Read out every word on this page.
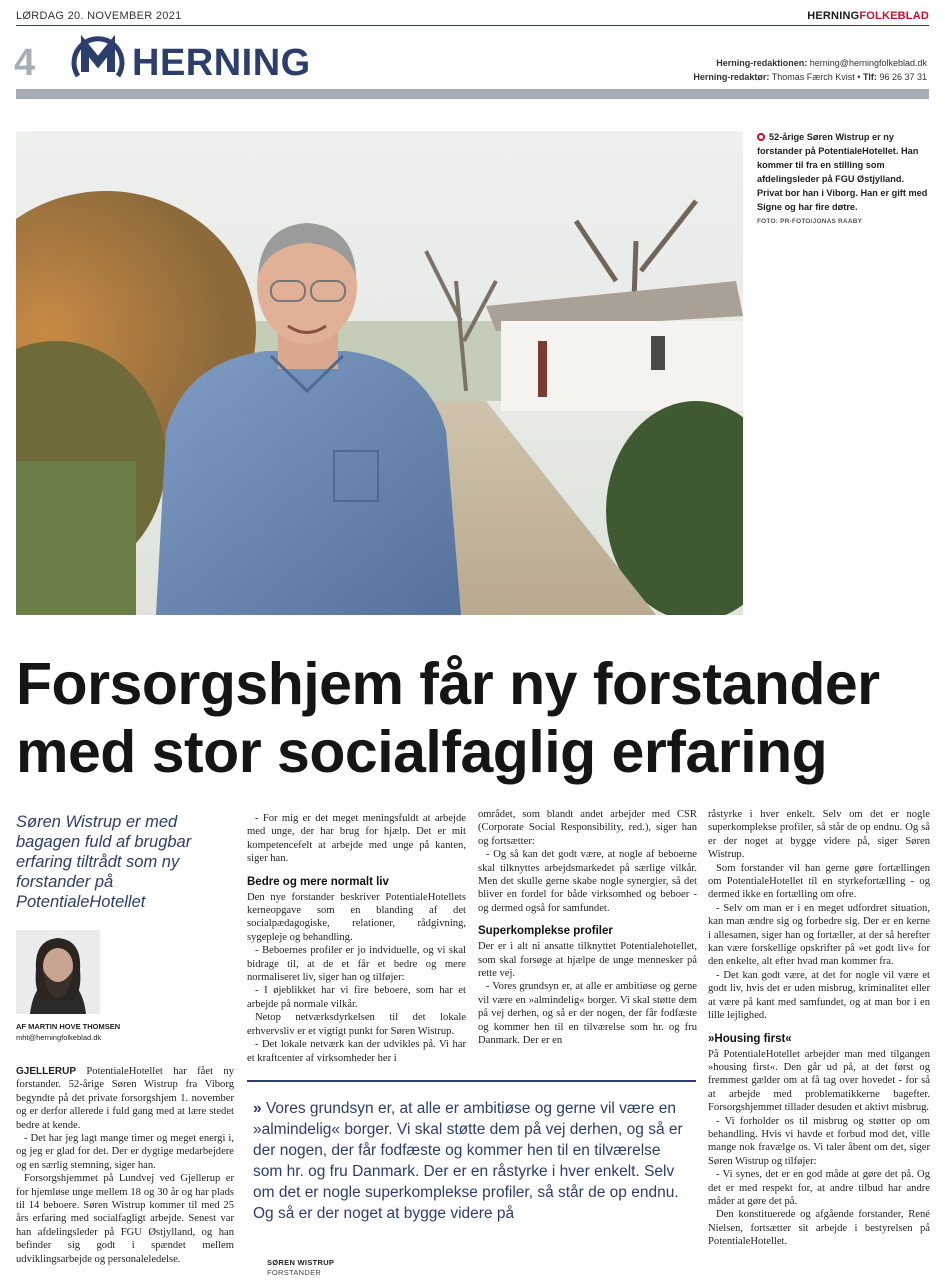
LØRDAG 20. NOVEMBER 2021	HERNINGFOLKEBLAD
4	HERNING	Herning-redaktionen: herning@herningfolkeblad.dk
Herning-redaktør: Thomas Færch Kvist • Tlf: 96 26 37 31
52-årige Søren Wistrup er ny forstander på PotentialeHotellet. Han kommer til fra en stilling som afdelingsleder på FGU Østjylland. Privat bor han i Viborg. Han er gift med Signe og har fire døtre.
FOTO: PR-FOTO/JONAS RAABY
Forsorgshjem får ny forstander med stor socialfaglig erfaring
Søren Wistrup er med bagagen fuld af brugbar erfaring tiltrådt som ny forstander på PotentialeHotellet
AF MARTIN HOVE THOMSEN
mht@herningfolkeblad.dk

GJELLERUP PotentialeHotellet har fået ny forstander. 52-årige Søren Wistrup fra Viborg begyndte på det private forsorgshjem 1. november og er derfor allerede i fuld gang med at lære stedet bedre at kende.

- Det har jeg lagt mange timer og meget energi i, og jeg er glad for det. Der er dygtige medarbejdere og en særlig stemning, siger han.

Forsorgshjemmet på Lundvej ved Gjellerup er for hjemløse unge mellem 18 og 30 år og har plads til 14 beboere. Søren Wistrup kommer til med 25 års erfaring med socialfagligt arbejde. Senest var han afdelingsleder på FGU Østjylland, og han befinder sig godt i spændet mellem udviklingsarbejde og personaleledelse.

- For mig er det meget meningsfuldt at arbejde med unge, der har brug for hjælp. Det er mit kompetencefelt at arbejde med unge på kanten, siger han.

Bedre og mere normalt liv

Den nye forstander beskriver PotentialeHotellets kerneopgave som en blanding af det socialpædagogiske, relationer, rådgivning, sygepleje og behandling.

- Beboernes profiler er jo indviduelle, og vi skal bidrage til, at de et får et bedre og mere normaliseret liv, siger han og tilføjer:

- I øjeblikket har vi fire beboere, som har et arbejde på normale vilkår.

Netop netværksdyrkelsen til det lokale erhvervsliv er et vigtigt punkt for Søren Wistrup.

- Det lokale netværk kan der udvikles på. Vi har et kraftcenter af virksomheder her i

området, som blandt andet arbejder med CSR (Corporate Social Responsibility, red.), siger han og fortsætter:

- Og så kan det godt være, at nogle af beboerne skal tilknyttes arbejdsmarkedet på særlige vilkår. Men det skulle gerne skabe nogle synergier, så det bliver en fordel for både virksomhed og beboer - og dermed også for samfundet.

Superkomplekse profiler

Der er i alt ni ansatte tilknyttet Potentialehotellet, som skal forsøge at hjælpe de unge mennesker på rette vej.

- Vores grundsyn er, at alle er ambitiøse og gerne vil være en »almindelig« borger. Vi skal støtte dem på vej derhen, og så er der nogen, der får fodfæste og kommer hen til en tilværelse som hr. og fru Danmark. Der er en

råstyrke i hver enkelt. Selv om det er nogle superkomplekse profiler, så står de op endnu. Og så er der noget at bygge videre på, siger Søren Wistrup.

Som forstander vil han gerne gøre fortællingen om PotentialeHotellet til en styrkefortælling - og dermed ikke en fortælling om ofre.

- Selv om man er i en meget udfordret situation, kan man ændre sig og forbedre sig. Der er en kerne i allesamen, siger han og fortæller, at der så herefter kan være forskellige opskrifter på »et godt liv« for den enkelte, alt efter hvad man kommer fra.

- Det kan godt være, at det for nogle vil være et godt liv, hvis det er uden misbrug, kriminalitet eller at være på kant med samfundet, og at man bor i en lille lejlighed.

»Housing first«

På PotentialeHotellet arbejder man med tilgangen »housing first«. Den går ud på, at det først og fremmest gælder om at få tag over hovedet - for så at arbejde med problematikkerne bagefter. Forsorgshjemmet tillader desuden et aktivt misbrug.

- Vi forholder os til misbrug og støtter op om behandling. Hvis vi havde et forbud mod det, ville mange nok fravælge os. Vi taler åbent om det, siger Søren Wistrup og tilføjer:

- Vi synes, det er en god måde at gøre det på. Og det er med respekt for, at andre tilbud har andre måder at gøre det på.

Den konstituerede og afgående forstander, René Nielsen, fortsætter sit arbejde i bestyrelsen på PotentialeHotellet.

» Vores grundsyn er, at alle er ambitiøse og gerne vil være en »almindelig« borger. Vi skal støtte dem på vej derhen, og så er der nogen, der får fodfæste og kommer hen til en tilværelse som hr. og fru Danmark. Der er en råstyrke i hver enkelt. Selv om det er nogle superkomplekse profiler, så står de op endnu. Og så er der noget at bygge videre på
SØREN WISTRUP
FORSTANDER
